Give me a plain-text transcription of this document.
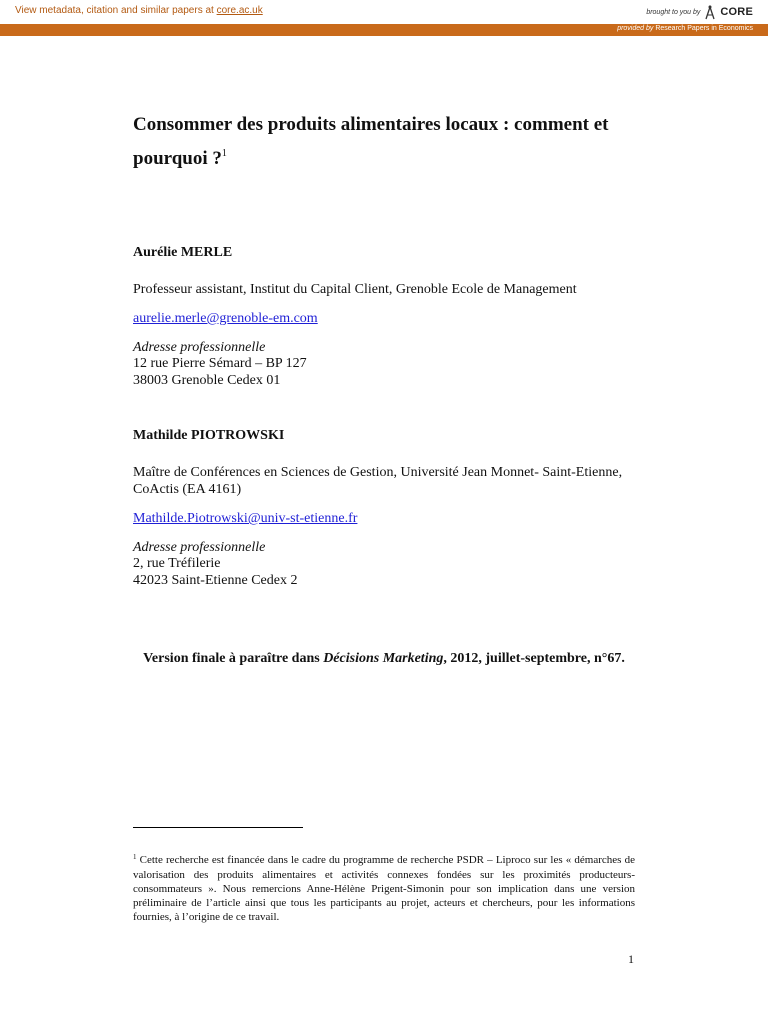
View metadata, citation and similar papers at core.ac.uk	brought to you by CORE
provided by Research Papers in Economics
Consommer des produits alimentaires locaux : comment et
pourquoi ?$^1$
Aurélie MERLE
Professeur assistant, Institut du Capital Client, Grenoble Ecole de Management
aurelie.merle@grenoble-em.com
Adresse professionnelle
12 rue Pierre Sémard – BP 127
38003 Grenoble Cedex 01
Mathilde PIOTROWSKI
Maître de Conférences en Sciences de Gestion, Université Jean Monnet- Saint-Etienne,
CoActis (EA 4161)
Mathilde.Piotrowski@univ-st-etienne.fr
Adresse professionnelle
2, rue Tréfilerie
42023 Saint-Etienne Cedex 2
Version finale à paraître dans Décisions Marketing, 2012, juillet-septembre, n°67.
$^1$ Cette recherche est financée dans le cadre du programme de recherche PSDR – Liproco sur les « démarches de valorisation des produits alimentaires et activités connexes fondées sur les proximités producteurs-consommateurs ». Nous remercions Anne-Hélène Prigent-Simonin pour son implication dans une version préliminaire de l’article ainsi que tous les participants au projet, acteurs et chercheurs, pour les informations fournies, à l’origine de ce travail.
1
